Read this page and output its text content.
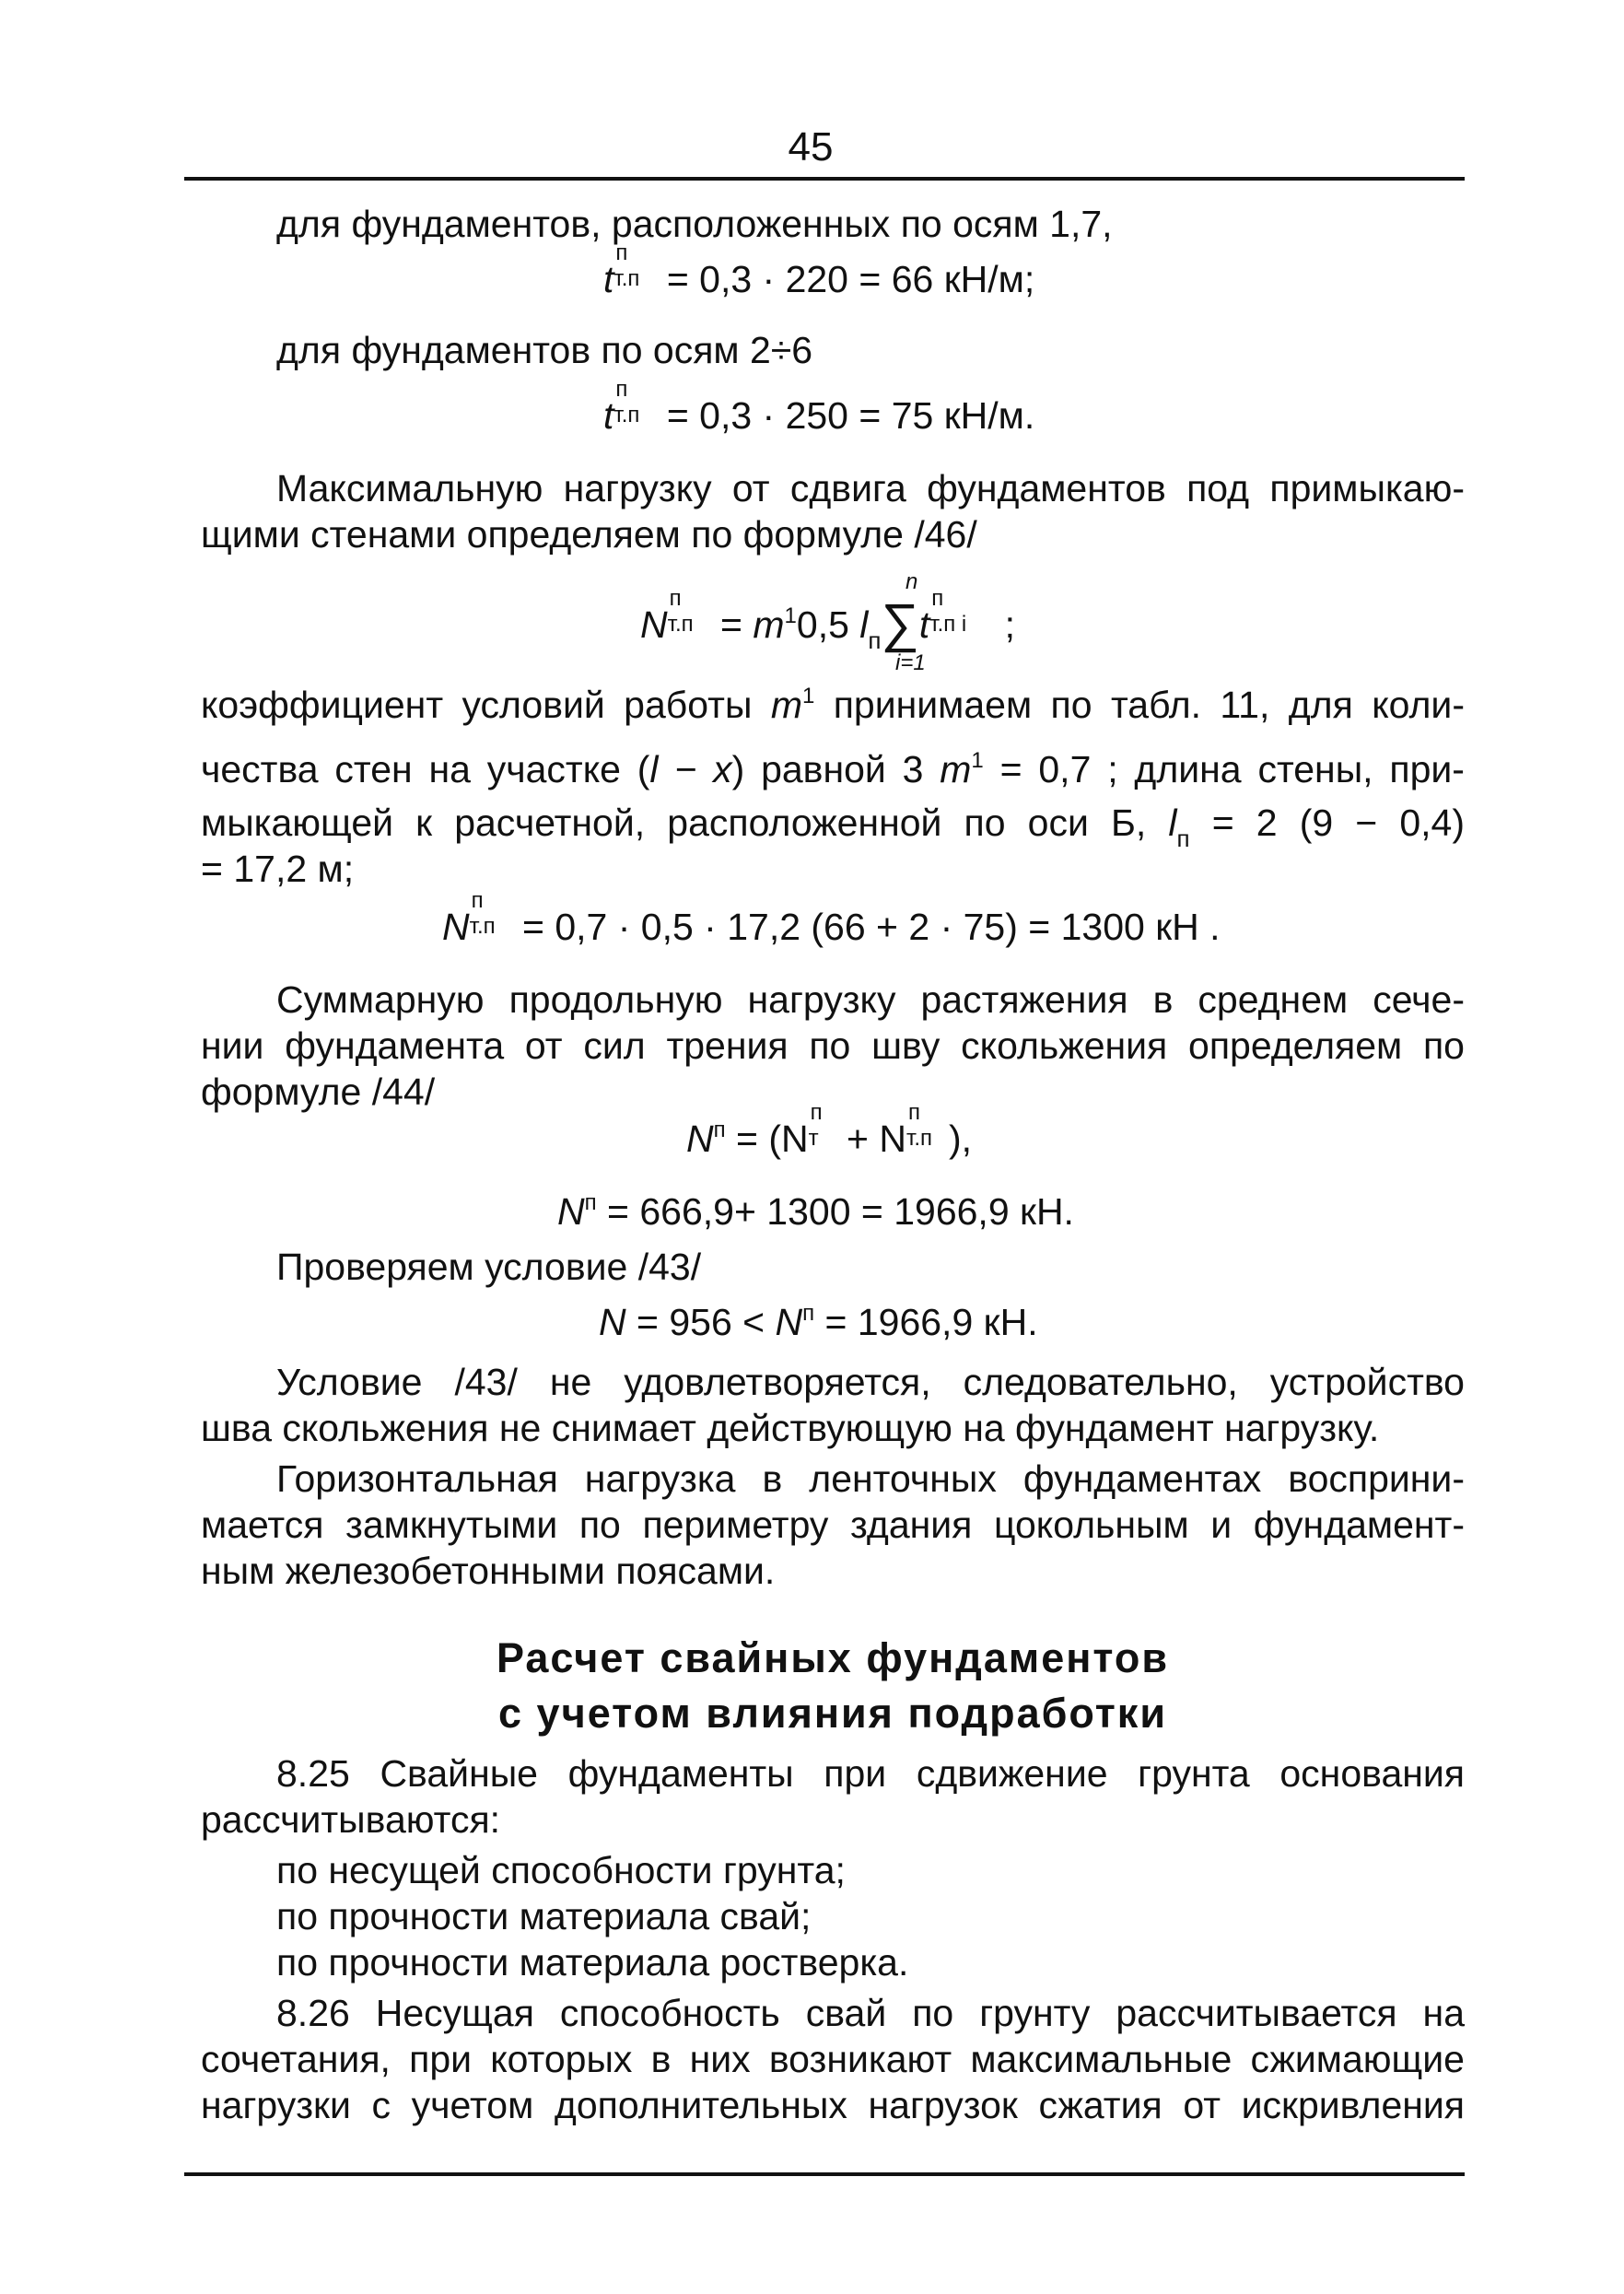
45
для фундаментов, расположенных по осям 1,7,
t
п
т.п = 0,3 · 220 = 66 кН/м;
для фундаментов по осям 2÷6
t
п
т.п = 0,3 · 250 = 75 кН/м.
Максимальную нагрузку от сдвига фундаментов под примыкаю-
щими стенами определяем по формуле /46/
N
п
$т.п = m^10,5$ $l_п\sum t$
п
т.п i ;
n
i=1
коэффициент условий работы $m^1$ принимаем по табл. 11, для коли-
чества стен на участке (l − x) равной 3 $m^1 = 0,7$ ; длина стены, при-
мыкающей к расчетной, расположенной по оси Б, $l_п = 2$ (9 − 0,4)
= 17,2 м;
N
п
т.п = 0,7 · 0,5 · 17,2 (66 + 2 · 75) = 1300 кН .
Суммарную продольную нагрузку растяжения в среднем сече-
нии фундамента от сил трения по шву скольжения определяем по
формуле /44/
$N^п = (N$
п
т + N
п
т.п ),
$N^п = 666,9+ 1300 = 1966,9$ кН.
Проверяем условие /43/
$N = 956 < N^п = 1966,9$ кН.
Условие /43/ не удовлетворяется, следовательно, устройство
шва скольжения не снимает действующую на фундамент нагрузку.
Горизонтальная нагрузка в ленточных фундаментах восприни-
мается замкнутыми по периметру здания цокольным и фундамент-
ным железобетонными поясами.
Расчет свайных фундаментов
с учетом влияния подработки
8.25 Свайные фундаменты при сдвижение грунта основания
рассчитываются:
по несущей способности грунта;
по прочности материала свай;
по прочности материала ростверка.
8.26 Несущая способность свай по грунту рассчитывается на
сочетания, при которых в них возникают максимальные сжимающие
нагрузки с учетом дополнительных нагрузок сжатия от искривления
